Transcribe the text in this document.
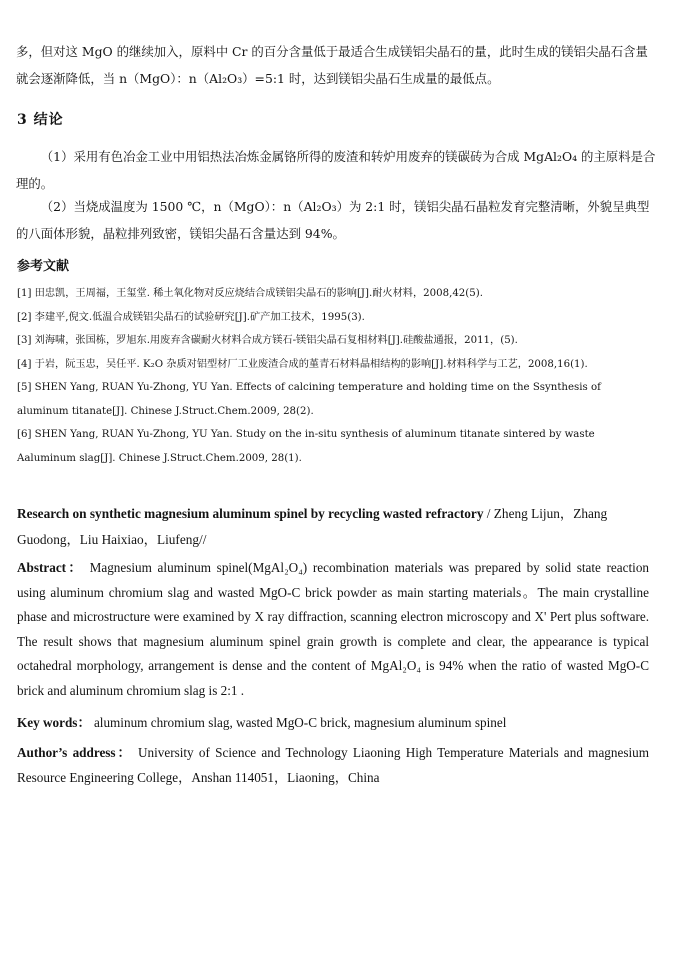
多，但对这 MgO 的继续加入，原料中 Cr 的百分含量低于最适合生成镁铝尖晶石的量，此时生成的镁铝尖晶石含量就会逐渐降低，当 n（MgO）：n（Al₂O₃）=5:1 时，达到镁铝尖晶石生成量的最低点。
3 结论
（1）采用有色冶金工业中用铝热法冶炼金属铬所得的废渣和转炉用废弃的镁碳砖为合成 MgAl₂O₄ 的主原料是合理的。
（2）当烧成温度为 1500 ℃，n（MgO）：n（Al₂O₃）为 2:1 时，镁铝尖晶石晶粒发育完整清晰，外貌呈典型的八面体形貌，晶粒排列致密，镁铝尖晶石含量达到 94%。
参考文献
[1] 田忠凯，王周福，王玺堂. 稀土氧化物对反应烧结合成镁铝尖晶石的影响[J].耐火材料，2008,42(5).
[2] 李建平,倪文.低温合成镁铝尖晶石的试验研究[J].矿产加工技术，1995(3).
[3] 刘海啸，张国栋，罗旭东.用废弃含碳耐火材料合成方镁石-镁铝尖晶石复相材料[J].硅酸盐通报，2011，(5).
[4] 于岩，阮玉忠，吴任平. K₂O 杂质对铝型材厂工业废渣合成的堇青石材料晶相结构的影响[J].材料科学与工艺，2008,16(1).
[5] SHEN Yang, RUAN Yu-Zhong, YU Yan. Effects of calcining temperature and holding time on the Ssynthesis of aluminum titanate[J]. Chinese J.Struct.Chem.2009, 28(2).
[6] SHEN Yang, RUAN Yu-Zhong, YU Yan. Study on the in-situ synthesis of aluminum titanate sintered by waste Aaluminum slag[J]. Chinese J.Struct.Chem.2009, 28(1).
Research on synthetic magnesium aluminum spinel by recycling wasted refractory / Zheng Lijun，Zhang Guodong，Liu Haixiao，Liufeng//
Abstract： Magnesium aluminum spinel(MgAl₂O₄) recombination materials was prepared by solid state reaction using aluminum chromium slag and wasted MgO-C brick powder as main starting materials。The main crystalline phase and microstructure were examined by X ray diffraction, scanning electron microscopy and X' Pert plus software. The result shows that magnesium aluminum spinel grain growth is complete and clear, the appearance is typical octahedral morphology, arrangement is dense and the content of MgAl₂O₄ is 94% when the ratio of wasted MgO-C brick and aluminum chromium slag is 2:1 .
Key words： aluminum chromium slag, wasted MgO-C brick, magnesium aluminum spinel
Author’s address： University of Science and Technology Liaoning High Temperature Materials and magnesium Resource Engineering College，Anshan 114051，Liaoning，China
